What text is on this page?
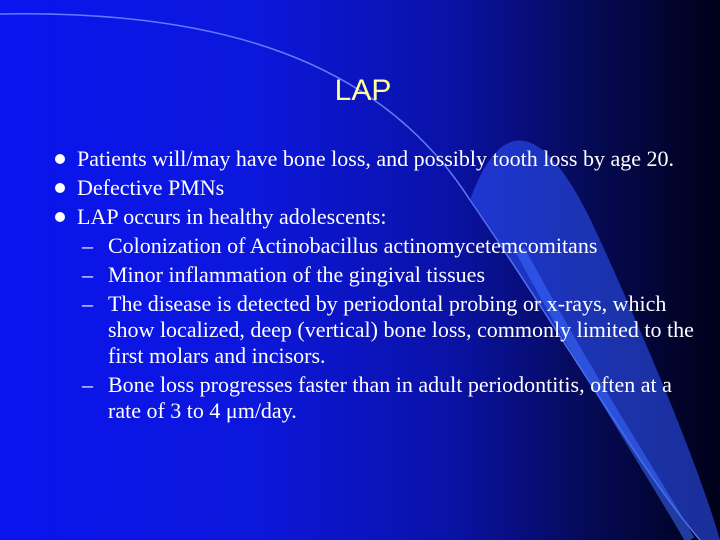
LAP
Patients will/may have bone loss, and possibly tooth loss by age 20.
Defective PMNs
LAP occurs in healthy adolescents:
– Colonization of Actinobacillus actinomycetemcomitans
– Minor inflammation of the gingival tissues
– The disease is detected by periodontal probing or x-rays, which show localized, deep (vertical) bone loss, commonly limited to the first molars and incisors.
– Bone loss progresses faster than in adult periodontitis, often at a rate of 3 to 4 μm/day.
